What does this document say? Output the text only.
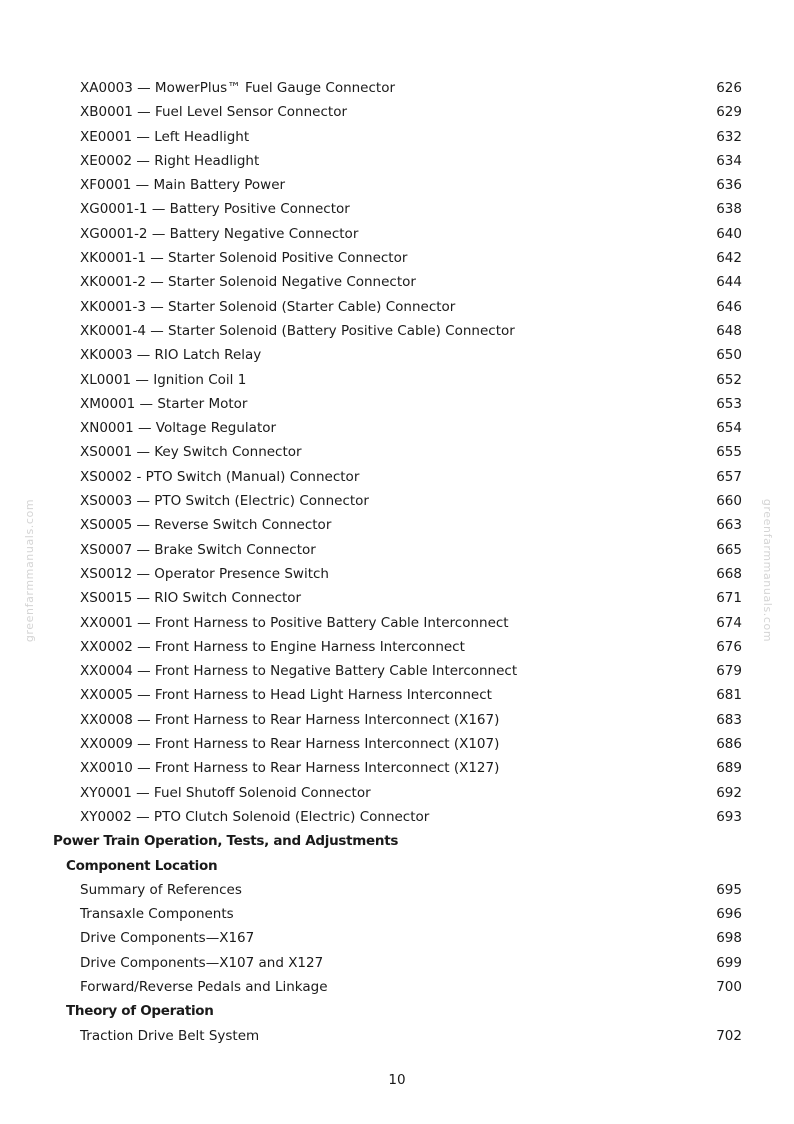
greenfarmmanuals.com	greenfarmmanuals.com
XA0003 — MowerPlus™ Fuel Gauge Connector	626
XB0001 — Fuel Level Sensor Connector	629
XE0001 — Left Headlight	632
XE0002 — Right Headlight	634
XF0001 — Main Battery Power	636
XG0001-1 — Battery Positive Connector	638
XG0001-2 — Battery Negative Connector	640
XK0001-1 — Starter Solenoid Positive Connector	642
XK0001-2 — Starter Solenoid Negative Connector	644
XK0001-3 — Starter Solenoid (Starter Cable) Connector	646
XK0001-4 — Starter Solenoid (Battery Positive Cable) Connector	648
XK0003 — RIO Latch Relay	650
XL0001 — Ignition Coil 1	652
XM0001 — Starter Motor	653
XN0001 — Voltage Regulator	654
XS0001 — Key Switch Connector	655
XS0002 - PTO Switch (Manual) Connector	657
XS0003 — PTO Switch (Electric) Connector	660
XS0005 — Reverse Switch Connector	663
XS0007 — Brake Switch Connector	665
XS0012 — Operator Presence Switch	668
XS0015 — RIO Switch Connector	671
XX0001 — Front Harness to Positive Battery Cable Interconnect	674
XX0002 — Front Harness to Engine Harness Interconnect	676
XX0004 — Front Harness to Negative Battery Cable Interconnect	679
XX0005 — Front Harness to Head Light Harness Interconnect	681
XX0008 — Front Harness to Rear Harness Interconnect (X167)	683
XX0009 — Front Harness to Rear Harness Interconnect (X107)	686
XX0010 — Front Harness to Rear Harness Interconnect (X127)	689
XY0001 — Fuel Shutoff Solenoid Connector	692
XY0002 — PTO Clutch Solenoid (Electric) Connector	693
Power Train Operation, Tests, and Adjustments
Component Location
Summary of References	695
Transaxle Components	696
Drive Components—X167	698
Drive Components—X107 and X127	699
Forward/Reverse Pedals and Linkage	700
Theory of Operation
Traction Drive Belt System	702
10
